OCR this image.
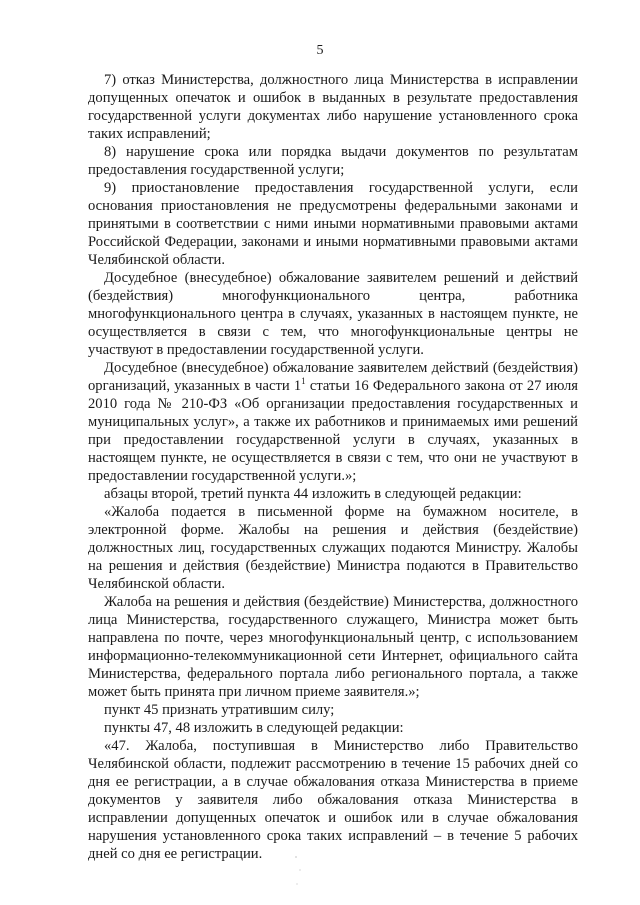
5

7) отказ Министерства, должностного лица Министерства в исправлении допущенных опечаток и ошибок в выданных в результате предоставления государственной услуги документах либо нарушение установленного срока таких исправлений;

8) нарушение срока или порядка выдачи документов по результатам предоставления государственной услуги;

9) приостановление предоставления государственной услуги, если основания приостановления не предусмотрены федеральными законами и принятыми в соответствии с ними иными нормативными правовыми актами Российской Федерации, законами и иными нормативными правовыми актами Челябинской области.

Досудебное (внесудебное) обжалование заявителем решений и действий (бездействия) многофункционального центра, работника многофункционального центра в случаях, указанных в настоящем пункте, не осуществляется в связи с тем, что многофункциональные центры не участвуют в предоставлении государственной услуги.

Досудебное (внесудебное) обжалование заявителем действий (бездействия) организаций, указанных в части $1^1$ статьи 16 Федерального закона от 27 июля 2010 года № 210-ФЗ «Об организации предоставления государственных и муниципальных услуг», а также их работников и принимаемых ими решений при предоставлении государственной услуги в случаях, указанных в настоящем пункте, не осуществляется в связи с тем, что они не участвуют в предоставлении государственной услуги.»;

абзацы второй, третий пункта 44 изложить в следующей редакции:

«Жалоба подается в письменной форме на бумажном носителе, в электронной форме. Жалобы на решения и действия (бездействие) должностных лиц, государственных служащих подаются Министру. Жалобы на решения и действия (бездействие) Министра подаются в Правительство Челябинской области.

Жалоба на решения и действия (бездействие) Министерства, должностного лица Министерства, государственного служащего, Министра может быть направлена по почте, через многофункциональный центр, с использованием информационно-телекоммуникационной сети Интернет, официального сайта Министерства, федерального портала либо регионального портала, а также может быть принята при личном приеме заявителя.»;

пункт 45 признать утратившим силу;

пункты 47, 48 изложить в следующей редакции:

«47. Жалоба, поступившая в Министерство либо Правительство Челябинской области, подлежит рассмотрению в течение 15 рабочих дней со дня ее регистрации, а в случае обжалования отказа Министерства в приеме документов у заявителя либо обжалования отказа Министерства в исправлении допущенных опечаток и ошибок или в случае обжалования нарушения установленного срока таких исправлений – в течение 5 рабочих дней со дня ее регистрации.
